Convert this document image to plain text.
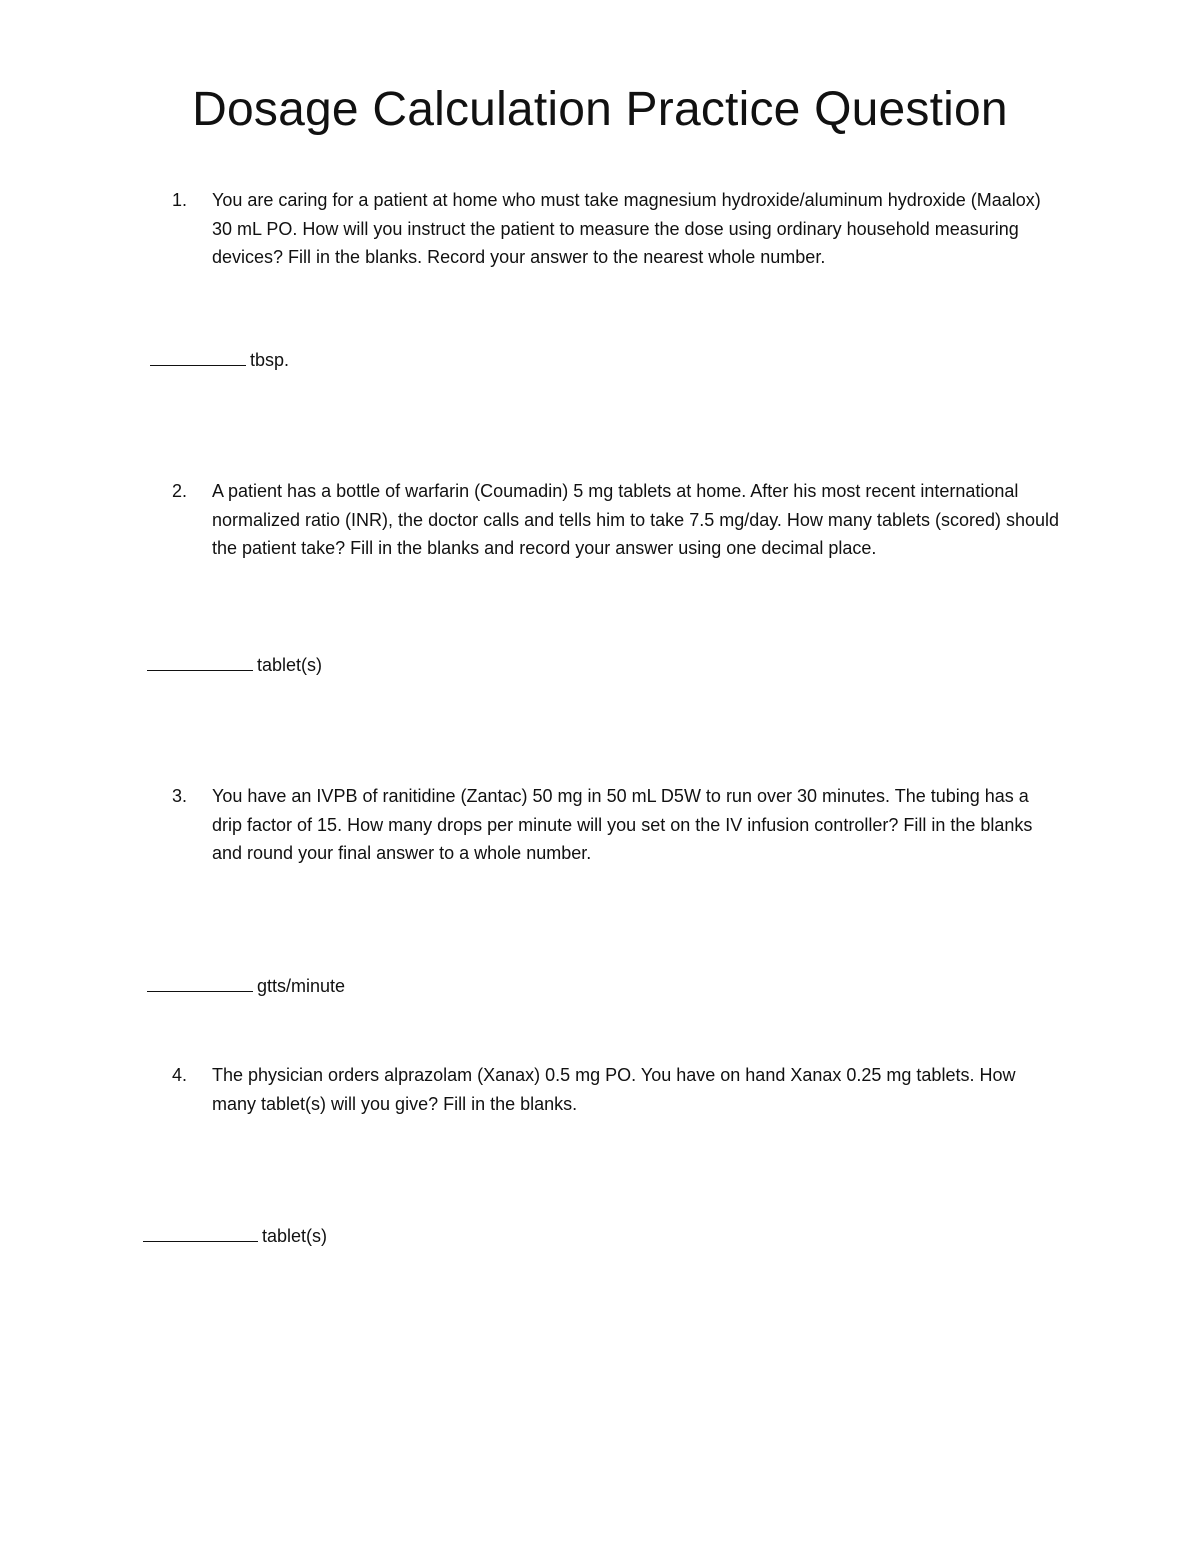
Dosage Calculation Practice Question
1. You are caring for a patient at home who must take magnesium hydroxide/aluminum hydroxide (Maalox) 30 mL PO. How will you instruct the patient to measure the dose using ordinary household measuring devices? Fill in the blanks. Record your answer to the nearest whole number.

tbsp.
2. A patient has a bottle of warfarin (Coumadin) 5 mg tablets at home. After his most recent international normalized ratio (INR), the doctor calls and tells him to take 7.5 mg/day. How many tablets (scored) should the patient take? Fill in the blanks and record your answer using one decimal place.

tablet(s)
3. You have an IVPB of ranitidine (Zantac) 50 mg in 50 mL D5W to run over 30 minutes. The tubing has a drip factor of 15. How many drops per minute will you set on the IV infusion controller? Fill in the blanks and round your final answer to a whole number.

gtts/minute
4. The physician orders alprazolam (Xanax) 0.5 mg PO. You have on hand Xanax 0.25 mg tablets. How many tablet(s) will you give? Fill in the blanks.

tablet(s)
